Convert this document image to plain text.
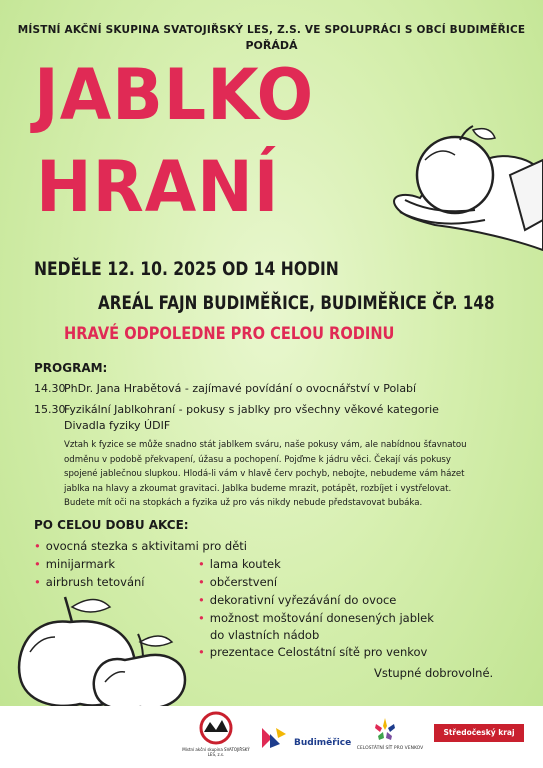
MÍSTNÍ AKČNÍ SKUPINA SVATOJIŘSKÝ LES, Z.S. VE SPOLUPRÁCI S OBCÍ BUDIMĚŘICE
POŘÁDÁ
JABLKO
HRANÍ
NEDĚLE 12. 10. 2025 OD 14 HODIN
AREÁL FAJN BUDIMĚŘICE, BUDIMĚŘICE ČP. 148
HRAVÉ ODPOLEDNE PRO CELOU RODINU
PROGRAM:
14.30
PhDr. Jana Hrabětová - zajímavé povídání o ovocnářství v Polabí
15.30
Fyzikální Jablkohraní - pokusy s jablky pro všechny věkové kategorie
Divadla fyziky ÚDIF
Vztah k fyzice se může snadno stát jablkem sváru, naše pokusy vám, ale nabídnou šťavnatou
odměnu v podobě překvapení, úžasu a pochopení. Pojďme k jádru věci. Čekají vás pokusy
spojené jablečnou slupkou. Hlodá-li vám v hlavě červ pochyb, nebojte, nebudeme vám házet
jablka na hlavy a zkoumat gravitaci. Jablka budeme mrazit, potápět, rozbíjet i vystřelovat.
Budete mít oči na stopkách a fyzika už pro vás nikdy nebude představovat bubáka.
PO CELOU DOBU AKCE:
• ovocná stezka s aktivitami pro děti
• minijarmark
• airbrush tetování
• lama koutek
• občerstvení
• dekorativní vyřezávání do ovoce
• možnost moštování donesených jablek
do vlastních nádob
• prezentace Celostátní sítě pro venkov
Vstupné dobrovolné.
Místní akční skupina SVATOJIŘSKÝ LES, z.s.
Budiměřice
CELOSTÁTNÍ SÍŤ PRO VENKOV
Středočeský kraj
